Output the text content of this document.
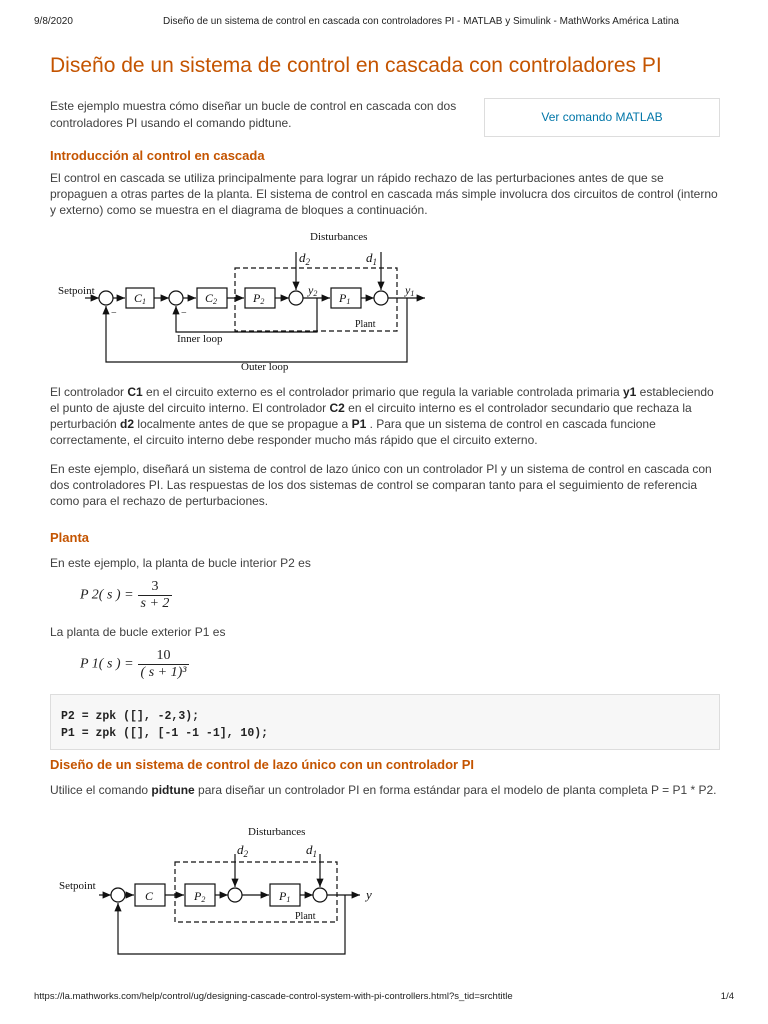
9/8/2020	Diseño de un sistema de control en cascada con controladores PI - MATLAB y Simulink - MathWorks América Latina
Diseño de un sistema de control en cascada con controladores PI

Este ejemplo muestra cómo diseñar un bucle de control en cascada con dos controladores PI usando el comando pidtune.	Ver comando MATLAB
Introducción al control en cascada

El control en cascada se utiliza principalmente para lograr un rápido rechazo de las perturbaciones antes de que se propaguen a otras partes de la planta. El sistema de control en cascada más simple involucra dos circuitos de control (interno y externo) como se muestra en el diagrama de bloques a continuación.

Disturbances
$d_2$	$d_1$
Setpoint	C1	C2	P2	P1
y2	y1
Plant
Inner loop
Outer loop
−	−

El controlador C1 en el circuito externo es el controlador primario que regula la variable controlada primaria y1 estableciendo el punto de ajuste del circuito interno. El controlador C2 en el circuito interno es el controlador secundario que rechaza la perturbación d2 localmente antes de que se propague a P1 . Para que un sistema de control en cascada funcione correctamente, el circuito interno debe responder mucho más rápido que el circuito externo.

En este ejemplo, diseñará un sistema de control de lazo único con un controlador PI y un sistema de control en cascada con dos controladores PI. Las respuestas de los dos sistemas de control se comparan tanto para el seguimiento de referencia como para el rechazo de perturbaciones.

Planta

En este ejemplo, la planta de bucle interior P2 es

P 2( s ) = $\frac{3}{s + 2}$

La planta de bucle exterior P1 es

P 1( s ) = $\frac{10}{\text{( s + 1)³}}$
P2 = zpk ([], -2,3);
P1 = zpk ([], [-1 -1 -1], 10);
Diseño de un sistema de control de lazo único con un controlador PI

Utilice el comando pidtune para diseñar un controlador PI en forma estándar para el modelo de planta completa P = P1 * P2.

Disturbances
$d_2$	$d_1$
Setpoint
C	P2	P1	y
Plant
−
https://la.mathworks.com/help/control/ug/designing-cascade-control-system-with-pi-controllers.html?s_tid=srchtitle	1/4
